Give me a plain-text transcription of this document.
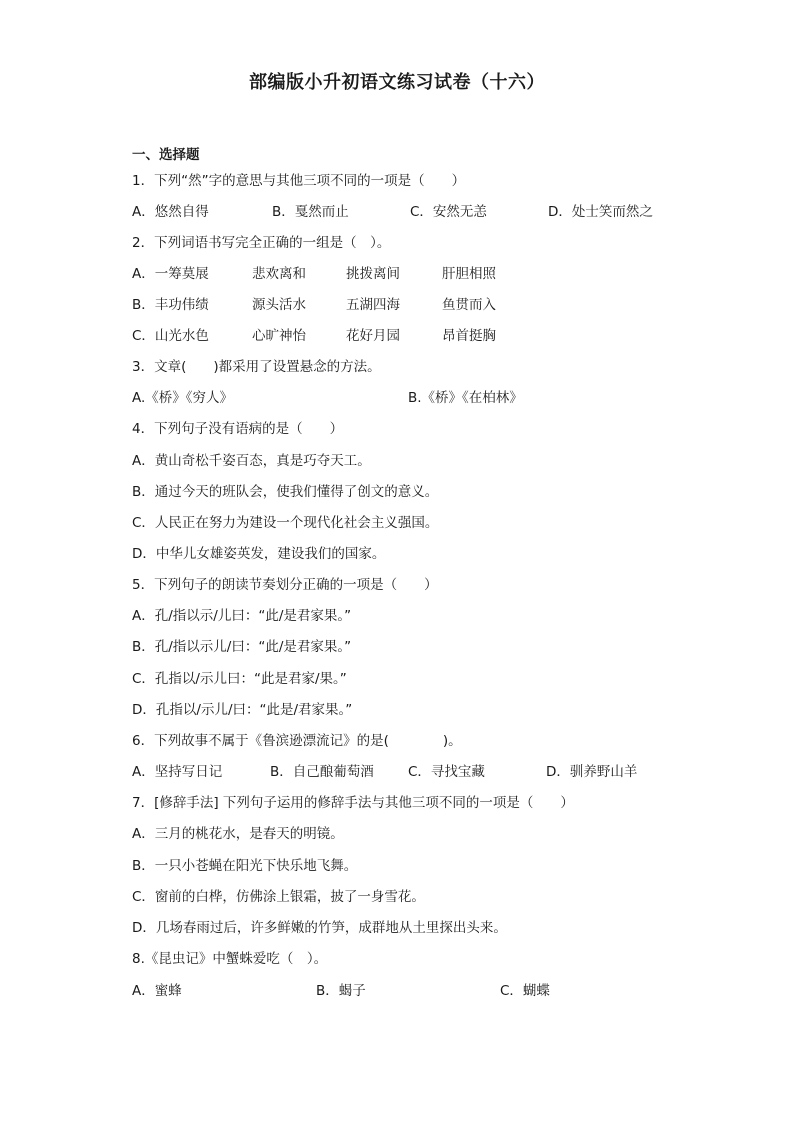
部编版小升初语文练习试卷（十六）
一、选择题
1．下列“然”字的意思与其他三项不同的一项是（　　）
A．悠然自得	B．戛然而止	C．安然无恙	D．处士笑而然之
2．下列词语书写完全正确的一组是（　）。
A．一筹莫展	悲欢离和	挑拨离间	肝胆相照
B．丰功伟绩	源头活水	五湖四海	鱼贯而入
C．山光水色	心旷神怡	花好月园	昂首挺胸
3．文章(　　)都采用了设置悬念的方法。
A.《桥》《穷人》	B.《桥》《在柏林》
4．下列句子没有语病的是（　　）
A．黄山奇松千姿百态，真是巧夺天工。
B．通过今天的班队会，使我们懂得了创文的意义。
C．人民正在努力为建设一个现代化社会主义强国。
D．中华儿女雄姿英发，建设我们的国家。
5．下列句子的朗读节奏划分正确的一项是（　　）
A．孔/指以示/儿曰：“此/是君家果。”
B．孔/指以示儿/曰：“此/是君家果。”
C．孔指以/示儿曰：“此是君家/果。”
D．孔指以/示儿/曰：“此是/君家果。”
6．下列故事不属于《鲁滨逊漂流记》的是(　　　　)。
A．坚持写日记	B．自己酿葡萄酒	C．寻找宝藏	D．驯养野山羊
7．[修辞手法] 下列句子运用的修辞手法与其他三项不同的一项是（　　）
A．三月的桃花水，是春天的明镜。
B．一只小苍蝇在阳光下快乐地飞舞。
C．窗前的白桦，仿佛涂上银霜，披了一身雪花。
D．几场春雨过后，许多鲜嫩的竹笋，成群地从土里探出头来。
8.《昆虫记》中蟹蛛爱吃（　）。
A．蜜蜂	B．蝎子	C．蝴蝶
